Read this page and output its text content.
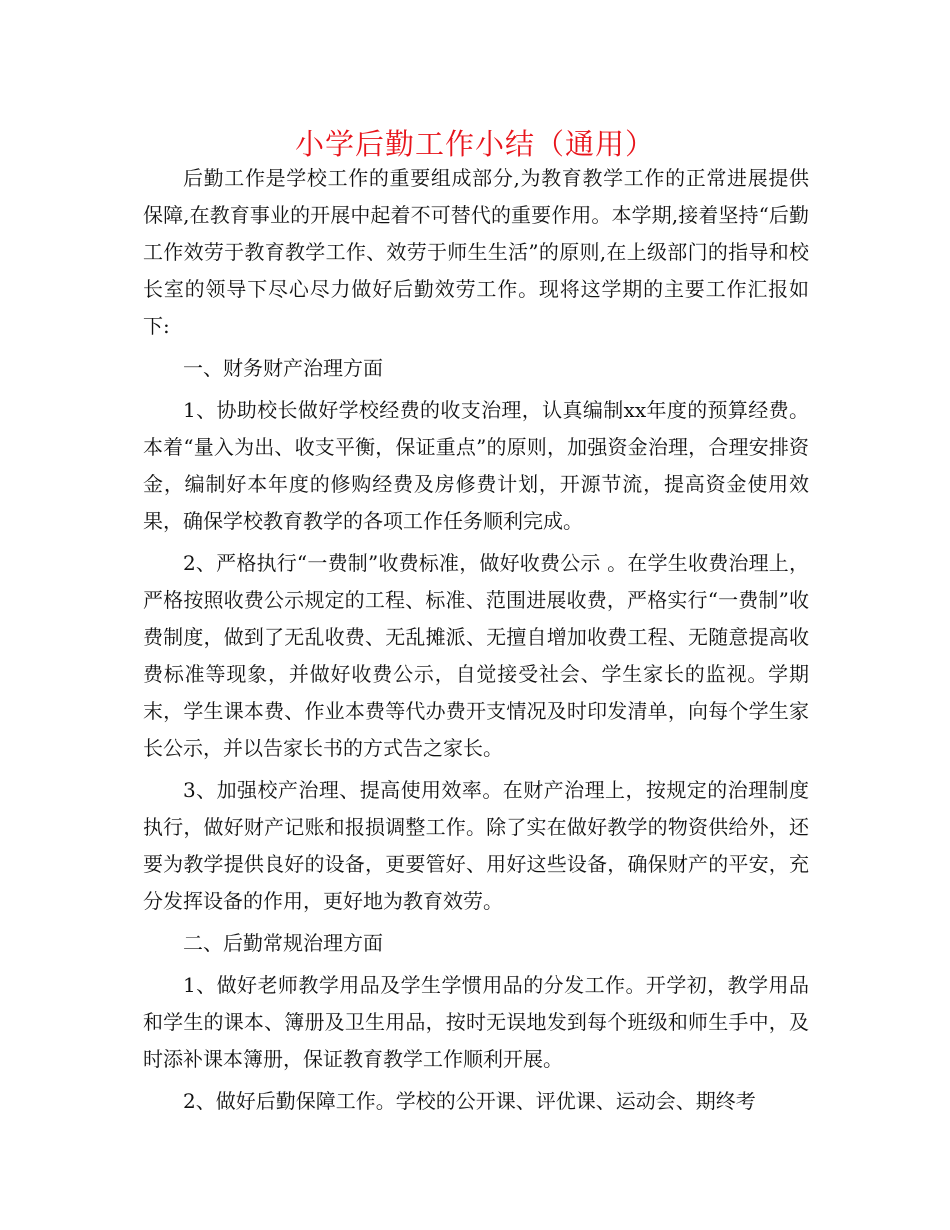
小学后勤工作小结（通用）

后勤工作是学校工作的重要组成部分,为教育教学工作的正常进展提供保障,在教育事业的开展中起着不可替代的重要作用。本学期,接着坚持“后勤工作效劳于教育教学工作、效劳于师生生活”的原则,在上级部门的指导和校长室的领导下尽心尽力做好后勤效劳工作。现将这学期的主要工作汇报如下:

一、财务财产治理方面

1、协助校长做好学校经费的收支治理，认真编制xx年度的预算经费。本着“量入为出、收支平衡，保证重点”的原则，加强资金治理，合理安排资金，编制好本年度的修购经费及房修费计划，开源节流，提高资金使用效果，确保学校教育教学的各项工作任务顺利完成。

2、严格执行“一费制”收费标准，做好收费公示 。在学生收费治理上，严格按照收费公示规定的工程、标准、范围进展收费，严格实行“一费制”收费制度，做到了无乱收费、无乱摊派、无擅自增加收费工程、无随意提高收费标准等现象，并做好收费公示，自觉接受社会、学生家长的监视。学期末，学生课本费、作业本费等代办费开支情况及时印发清单，向每个学生家长公示，并以告家长书的方式告之家长。

3、加强校产治理、提高使用效率。在财产治理上，按规定的治理制度执行，做好财产记账和报损调整工作。除了实在做好教学的物资供给外，还要为教学提供良好的设备，更要管好、用好这些设备，确保财产的平安，充分发挥设备的作用，更好地为教育效劳。

二、后勤常规治理方面

1、做好老师教学用品及学生学惯用品的分发工作。开学初，教学用品和学生的课本、簿册及卫生用品，按时无误地发到每个班级和师生手中，及时添补课本簿册，保证教育教学工作顺利开展。

2、做好后勤保障工作。学校的公开课、评优课、运动会、期终考
